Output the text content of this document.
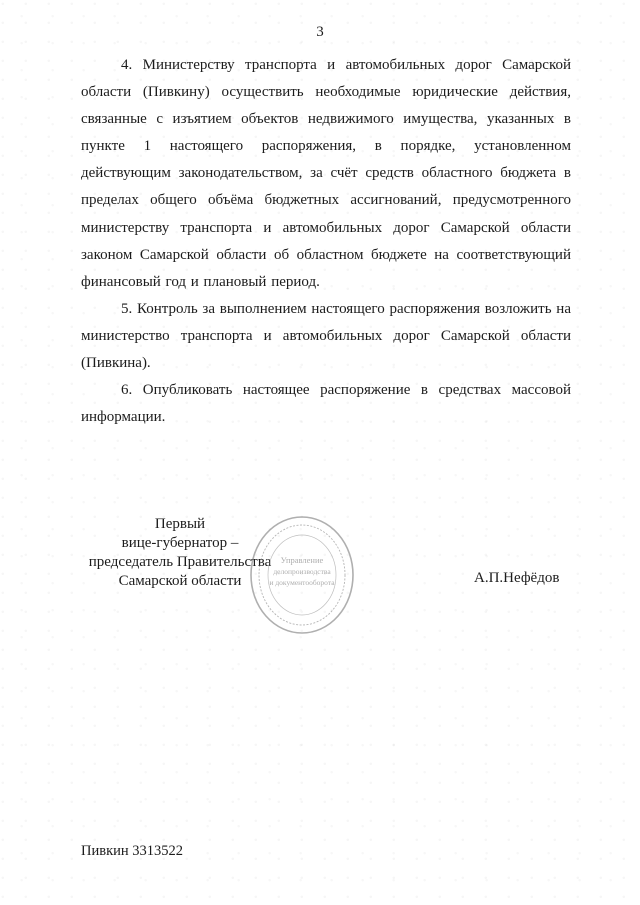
3

4. Министерству транспорта и автомобильных дорог Самарской области (Пивкину) осуществить необходимые юридические действия, связанные с изъятием объектов недвижимого имущества, указанных в пункте 1 настоящего распоряжения, в порядке, установленном действующим законодательством, за счёт средств областного бюджета в пределах общего объёма бюджетных ассигнований, предусмотренного министерству транспорта и автомобильных дорог Самарской области законом Самарской области об областном бюджете на соответствующий финансовый год и плановый период.

5. Контроль за выполнением настоящего распоряжения возложить на министерство транспорта и автомобильных дорог Самарской области (Пивкина).

6. Опубликовать настоящее распоряжение в средствах массовой информации.

Первый
вице-губернатор –
председатель Правительства
Самарской области
Управление
делопроизводства
и документооборота	А.П.Нефёдов
Пивкин 3313522
